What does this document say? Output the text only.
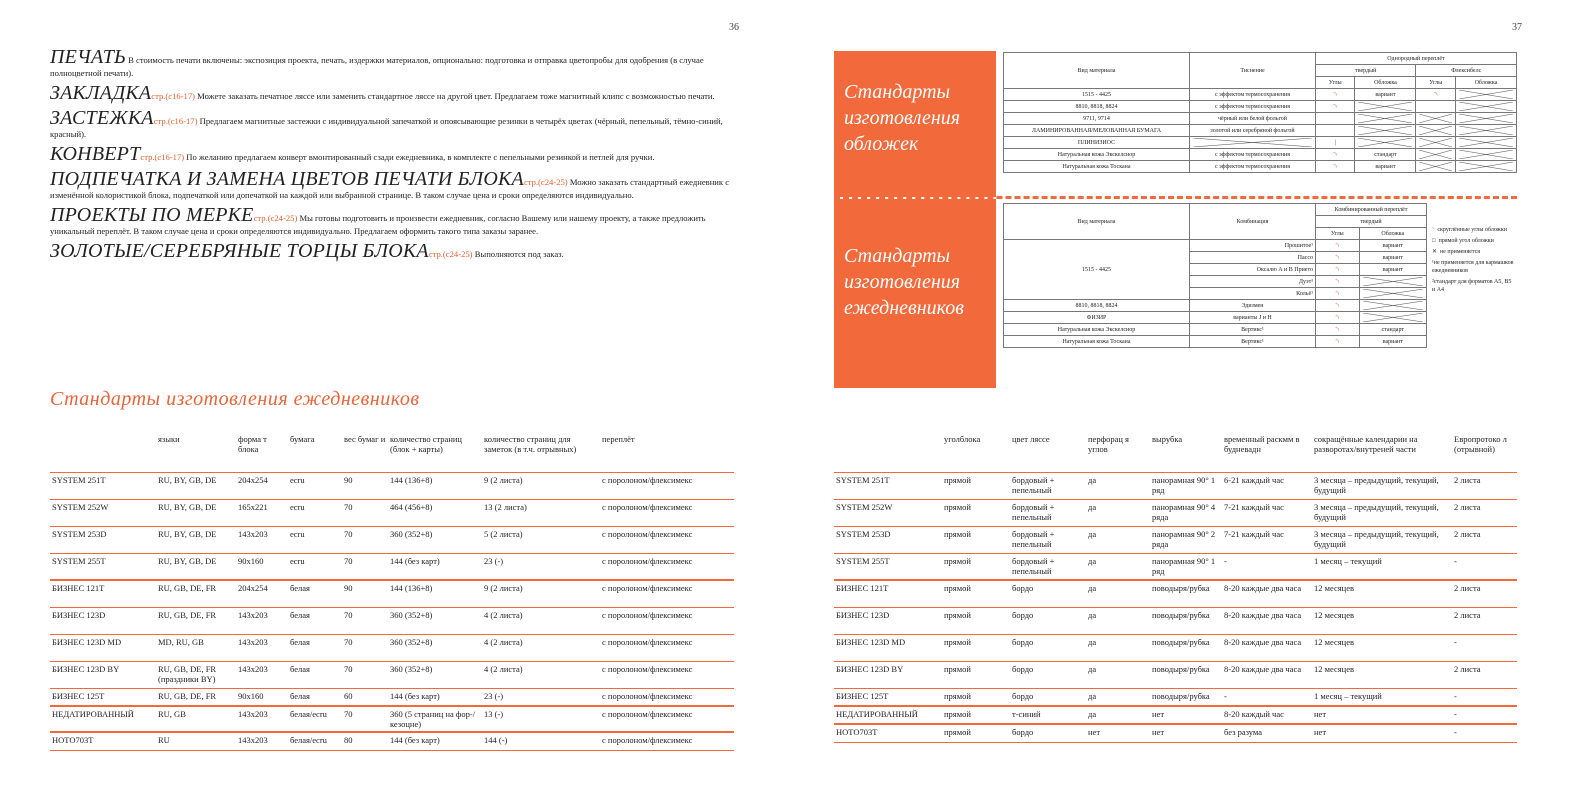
36	37
ПЕЧАТЬ В стоимость печати включены: экспозиция проекта, печать, издержки материалов, опционально: подготовка и отправка цветопробы для одобрения (в случае полноцветной печати).
ЗАКЛАДКАстр.(c16-17) Можете заказать печатное ляссе или заменить стандартное ляссе на другой цвет. Предлагаем тоже магнитный клипс с возможностью печати.
ЗАСТЕЖКАстр.(c16-17) Предлагаем магнитные застежки с индивидуальной запечаткой и опоясывающие резинки в четырёх цветах (чёрный, пепельный, тёмно-синий, красный).
КОНВЕРТстр.(c16-17) По желанию предлагаем конверт вмонтированный сзади ежедневника, в комплекте с пепельными резинкой и петлей для ручки.
ПОДПЕЧАТКА И ЗАМЕНА ЦВЕТОВ ПЕЧАТИ БЛОКАстр.(c24-25) Можно заказать стандартный ежедневник с изменённой колористикой блока, подпечаткой или допечаткой на каждой или выбранной странице. В таком случае цена и сроки определяются индивидуально.
ПРОЕКТЫ ПО МЕРКЕстр.(c24-25) Мы готовы подготовить и произвести ежедневник, согласно Вашему или нашему проекту, а также предложить уникальный переплёт. В таком случае цена и сроки определяются индивидуально. Предлагаем оформить такого типа заказы заранее.
ЗОЛОТЫЕ/СЕРЕБРЯНЫЕ ТОРЦЫ БЛОКАстр.(c24-25) Выполняются под заказ.
Стандарты изготовления обложек
Стандарты изготовления ежедневников
Вид материала	Тиснение	Однородный переплёт			
		твердый		Флексибелс	
		Углы	Обложка	Углы	Обложка
1515 - 4425	с эффектом термосохранения	◝	вариант	◝	
8810, 8818, 8824	с эффектом термосохранения	◝			
9711, 9714	чёрный или белой фольгой				
ЛАМИНИРОВАННАЯ/МЕЛОВАННАЯ БУМАГА	золотой или серебряной фольгой				
ПЛИНИЗИОС		|			
Натуральная кожа Экскелсиор	с эффектом термосохранения	◝	стандарт		
Натуральная кожа Тоскана	с эффектом термосохранения	◝	вариант		
Вид материала	Комбинация	Комбинированный переплёт	
		твердый	
		Углы	Обложка
1515 - 4425	Прошитое¹	◝	вариант
	Пассо	◝	вариант
	Оксалю А и В Прието	◝	вариант
	Дуэт¹	◝	
	Кольё¹	◝	
8810, 8818, 8824	Эдизмен	◝	
ФИЗИР	варианты J и H	◝	
Натуральная кожа Экскелсиор	Вертикс¹	◝	стандарт
Натуральная кожа Тоскана	Вертикс¹	◝	вариант
◝ скруглённые углы обложки
□ прямой угол обложки
✕ не применяется
¹не применяется для кармашков ежедневников
²стандарт для форматов А5, В5 и А4
Стандарты изготовления ежедневников
	языки	форма т блока	бумага	вес бумаг и	количество страниц (блок + карты)	количество страниц для заметок (в т.ч. отрывных)	переплёт
SYSTEM 251T	RU, BY, GB, DE	204x254	ecru	90	144 (136+8)	9 (2 листа)	с поролоном/флексимекс
SYSTEM 252W	RU, BY, GB, DE	165x221	ecru	70	464 (456+8)	13 (2 листа)	с поролоном/флексимекс
SYSTEM 253D	RU, BY, GB, DE	143x203	ecru	70	360 (352+8)	5 (2 листа)	с поролоном/флексимекс
SYSTEM 255T	RU, BY, GB, DE	90x160	ecru	70	144 (без карт)	23 (-)	с поролоном/флексимекс
БИЗНЕС 121T	RU, GB, DE, FR	204x254	белая	90	144 (136+8)	9 (2 листа)	с поролоном/флексимекс
БИЗНЕС 123D	RU, GB, DE, FR	143x203	белая	70	360 (352+8)	4 (2 листа)	с поролоном/флексимекс
БИЗНЕС 123D MD	MD, RU, GB	143x203	белая	70	360 (352+8)	4 (2 листа)	с поролоном/флексимекс
БИЗНЕС 123D BY	RU, GB, DE, FR (праздники BY)	143x203	белая	70	360 (352+8)	4 (2 листа)	с поролоном/флексимекс
БИЗНЕС 125T	RU, GB, DE, FR	90x160	белая	60	144 (без карт)	23 (-)	с поролоном/флексимекс
НЕДАТИРОВАННЫЙ	RU, GB	143x203	белая/ecru	70	360 (5 страниц на фор-/кезоцне)	13 (-)	с поролоном/флексимекс
НОТО703T	RU	143x203	белая/ecru	80	144 (без карт)	144 (-)	с поролоном/флексимекс
	уголблока	цвет ляссе	перфорац я углов	вырубка	временный раскмм в будневадн	сокращённые календарии на разворотах/внутреней части	Европротоко л (отрывной)
SYSTEM 251T	прямой	бордовый + пепельный	да	панорамная 90° 1 ряд	6-21 каждый час	3 месяца – предыдущий, текущий, будущий	2 листа
SYSTEM 252W	прямой	бордовый + пепельный	да	панорамная 90° 4 ряда	7-21 каждый час	3 месяца – предыдущий, текущий, будущий	2 листа
SYSTEM 253D	прямой	бордовый + пепельный	да	панорамная 90° 2 ряда	7-21 каждый час	3 месяца – предыдущий, текущий, будущий	2 листа
SYSTEM 255T	прямой	бордовый + пепельный	да	панорамная 90° 1 ряд	-	1 месяц – текущий	-
БИЗНЕС 121T	прямой	бордо	да	поводыря/рубка	8-20 каждые два часа	12 месяцев	2 листа
БИЗНЕС 123D	прямой	бордо	да	поводыря/рубка	8-20 каждые два часа	12 месяцев	2 листа
БИЗНЕС 123D MD	прямой	бордо	да	поводыря/рубка	8-20 каждые два часа	12 месяцев	-
БИЗНЕС 123D BY	прямой	бордо	да	поводыря/рубка	8-20 каждые два часа	12 месяцев	2 листа
БИЗНЕС 125T	прямой	бордо	да	поводыря/рубка	-	1 месяц – текущий	-
НЕДАТИРОВАННЫЙ	прямой	т-синий	да	нет	8-20 каждый час	нет	-
НОТО703T	прямой	бордо	нет	нет	без разума	нет	-
